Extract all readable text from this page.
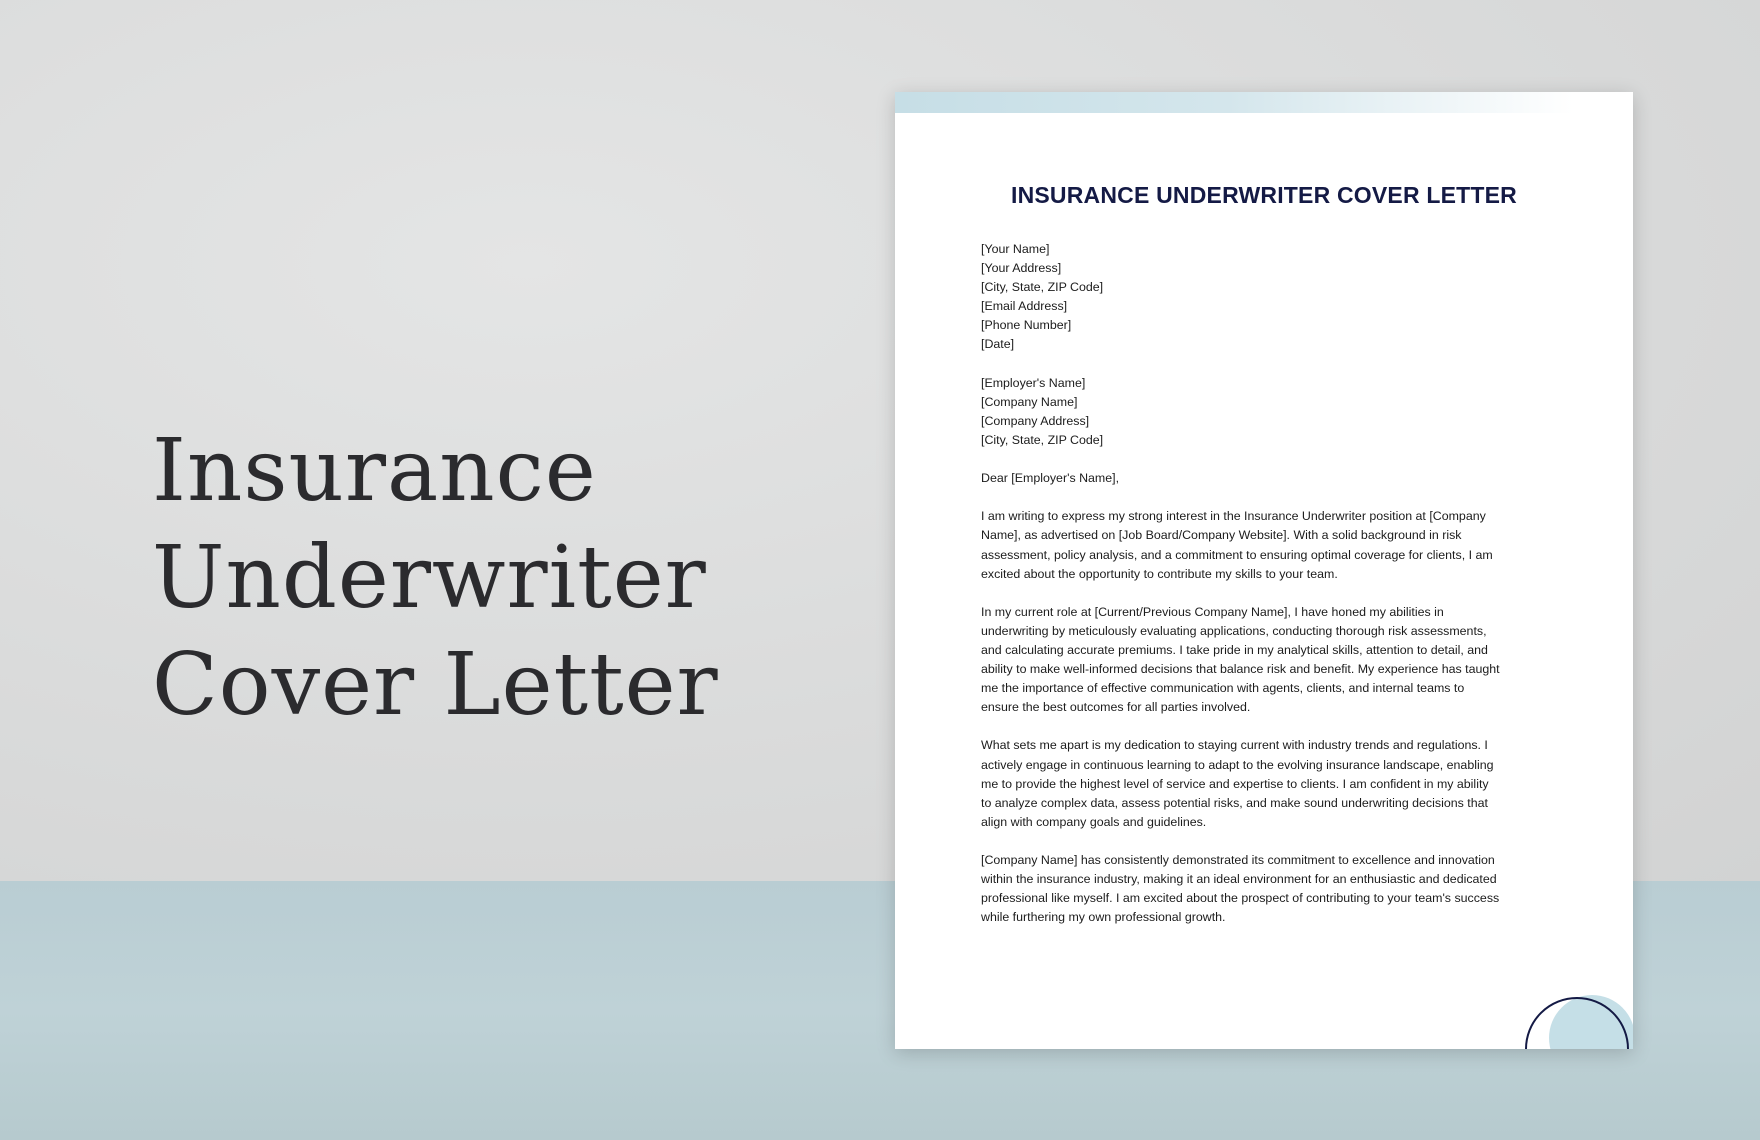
Insurance
Underwriter
Cover Letter
INSURANCE UNDERWRITER COVER LETTER
[Your Name]
[Your Address]
[City, State, ZIP Code]
[Email Address]
[Phone Number]
[Date]
[Employer's Name]
[Company Name]
[Company Address]
[City, State, ZIP Code]
Dear [Employer's Name],
I am writing to express my strong interest in the Insurance Underwriter position at [Company
Name], as advertised on [Job Board/Company Website]. With a solid background in risk
assessment, policy analysis, and a commitment to ensuring optimal coverage for clients, I am
excited about the opportunity to contribute my skills to your team.
In my current role at [Current/Previous Company Name], I have honed my abilities in
underwriting by meticulously evaluating applications, conducting thorough risk assessments,
and calculating accurate premiums. I take pride in my analytical skills, attention to detail, and
ability to make well-informed decisions that balance risk and benefit. My experience has taught
me the importance of effective communication with agents, clients, and internal teams to
ensure the best outcomes for all parties involved.
What sets me apart is my dedication to staying current with industry trends and regulations. I
actively engage in continuous learning to adapt to the evolving insurance landscape, enabling
me to provide the highest level of service and expertise to clients. I am confident in my ability
to analyze complex data, assess potential risks, and make sound underwriting decisions that
align with company goals and guidelines.
[Company Name] has consistently demonstrated its commitment to excellence and innovation
within the insurance industry, making it an ideal environment for an enthusiastic and dedicated
professional like myself. I am excited about the prospect of contributing to your team's success
while furthering my own professional growth.
